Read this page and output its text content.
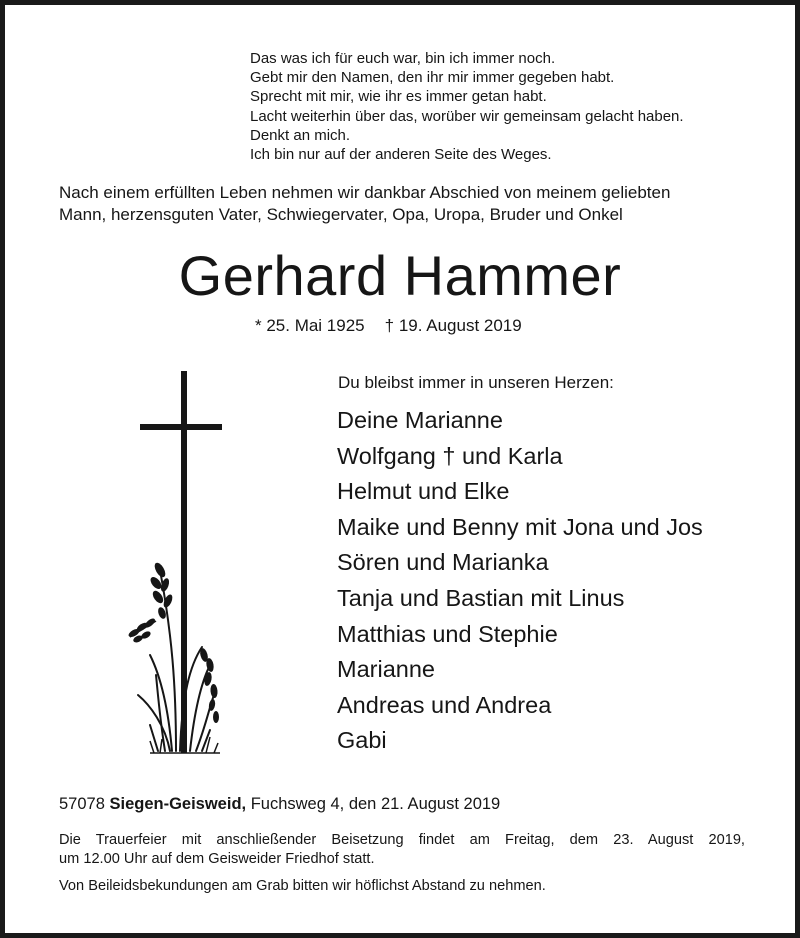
Das was ich für euch war, bin ich immer noch.
Gebt mir den Namen, den ihr mir immer gegeben habt.
Sprecht mit mir, wie ihr es immer getan habt.
Lacht weiterhin über das, worüber wir gemeinsam gelacht haben.
Denkt an mich.
Ich bin nur auf der anderen Seite des Weges.
Nach einem erfüllten Leben nehmen wir dankbar Abschied von meinem geliebten
Mann, herzensguten Vater, Schwiegervater, Opa, Uropa, Bruder und Onkel
Gerhard Hammer
* 25. Mai 1925 † 19. August 2019
Du bleibst immer in unseren Herzen:
Deine Marianne
Wolfgang † und Karla
Helmut und Elke
Maike und Benny mit Jona und Jos
Sören und Marianka
Tanja und Bastian mit Linus
Matthias und Stephie
Marianne
Andreas und Andrea
Gabi
57078 Siegen-Geisweid, Fuchsweg 4, den 21. August 2019
Die Trauerfeier mit anschließender Beisetzung findet am Freitag, dem 23. August 2019,
um 12.00 Uhr auf dem Geisweider Friedhof statt.
Von Beileidsbekundungen am Grab bitten wir höflichst Abstand zu nehmen.
